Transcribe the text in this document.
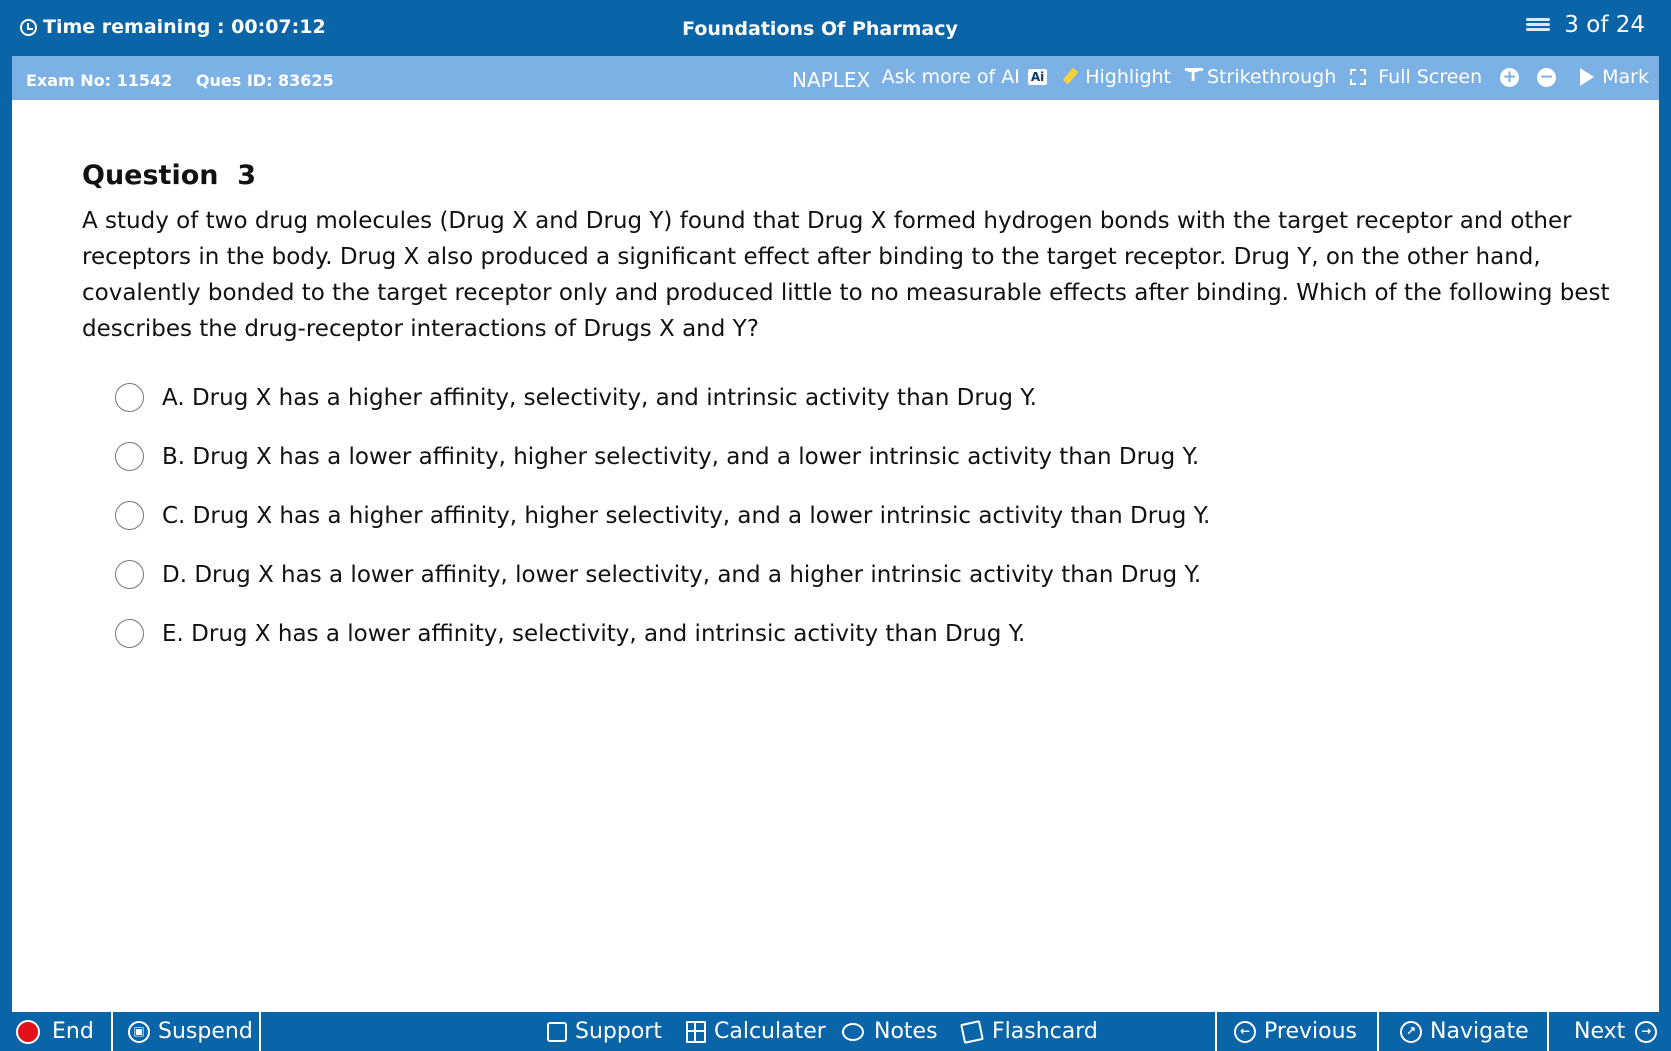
Time remaining : 00:07:12	Foundations Of Pharmacy	3 of 24
Exam No: 11542 Ques ID: 83625	NAPLEX Ask more of AI Ai Highlight
T Strikethrough Full Screen + −	Mark
Question  3
A study of two drug molecules (Drug X and Drug Y) found that Drug X formed hydrogen bonds with the target receptor and other receptors in the body. Drug X also produced a significant effect after binding to the target receptor. Drug Y, on the other hand, covalently bonded to the target receptor only and produced little to no measurable effects after binding. Which of the following best describes the drug-receptor interactions of Drugs X and Y?
A. Drug X has a higher affinity, selectivity, and intrinsic activity than Drug Y.
B. Drug X has a lower affinity, higher selectivity, and a lower intrinsic activity than Drug Y.
C. Drug X has a higher affinity, higher selectivity, and a lower intrinsic activity than Drug Y.
D. Drug X has a lower affinity, lower selectivity, and a higher intrinsic activity than Drug Y.
E. Drug X has a lower affinity, selectivity, and intrinsic activity than Drug Y.
End	▣ Suspend	Support Calculater Notes Flashcard	← Previous	↗ Navigate Next	→
